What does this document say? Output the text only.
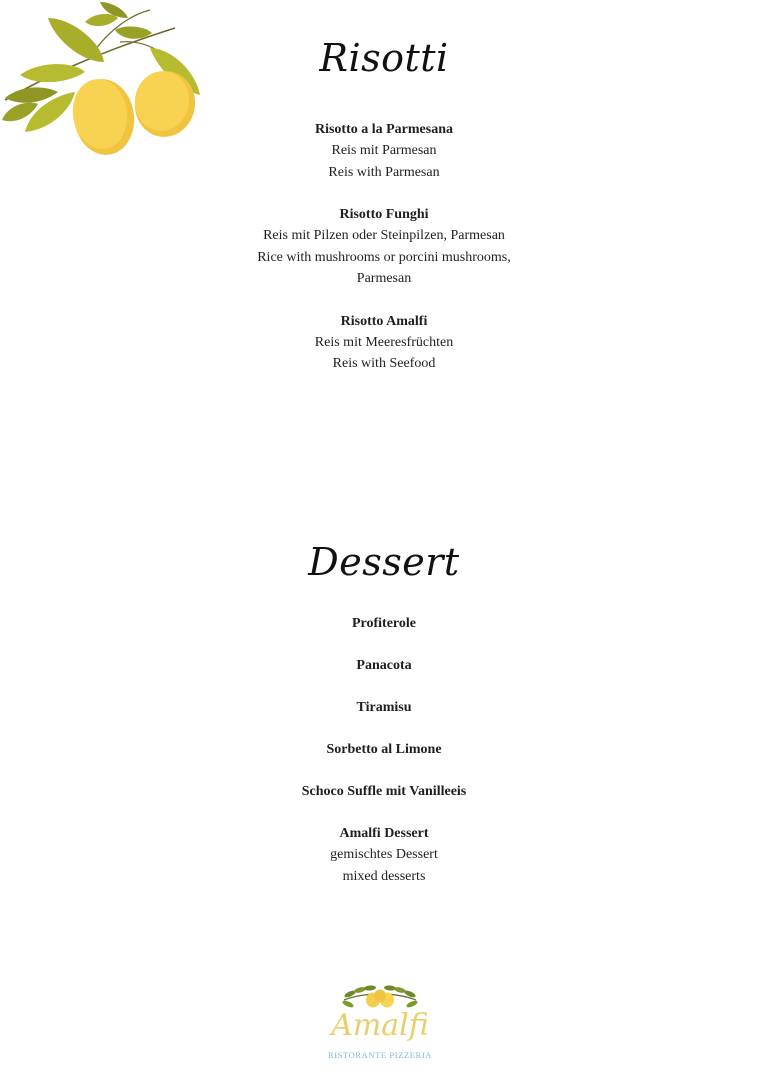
Risotti
Risotto a la Parmesana
Reis mit Parmesan
Reis with Parmesan
Risotto Funghi
Reis mit Pilzen oder Steinpilzen, Parmesan
Rice with mushrooms or porcini mushrooms,
Parmesan
Risotto Amalfi
Reis mit Meeresfrüchten
Reis with Seefood
Dessert
Profiterole
Panacota
Tiramisu
Sorbetto al Limone
Schoco Suffle mit Vanilleeis
Amalfi Dessert
gemischtes Dessert
mixed desserts
Amalfi
RISTORANTE PIZZERIA
